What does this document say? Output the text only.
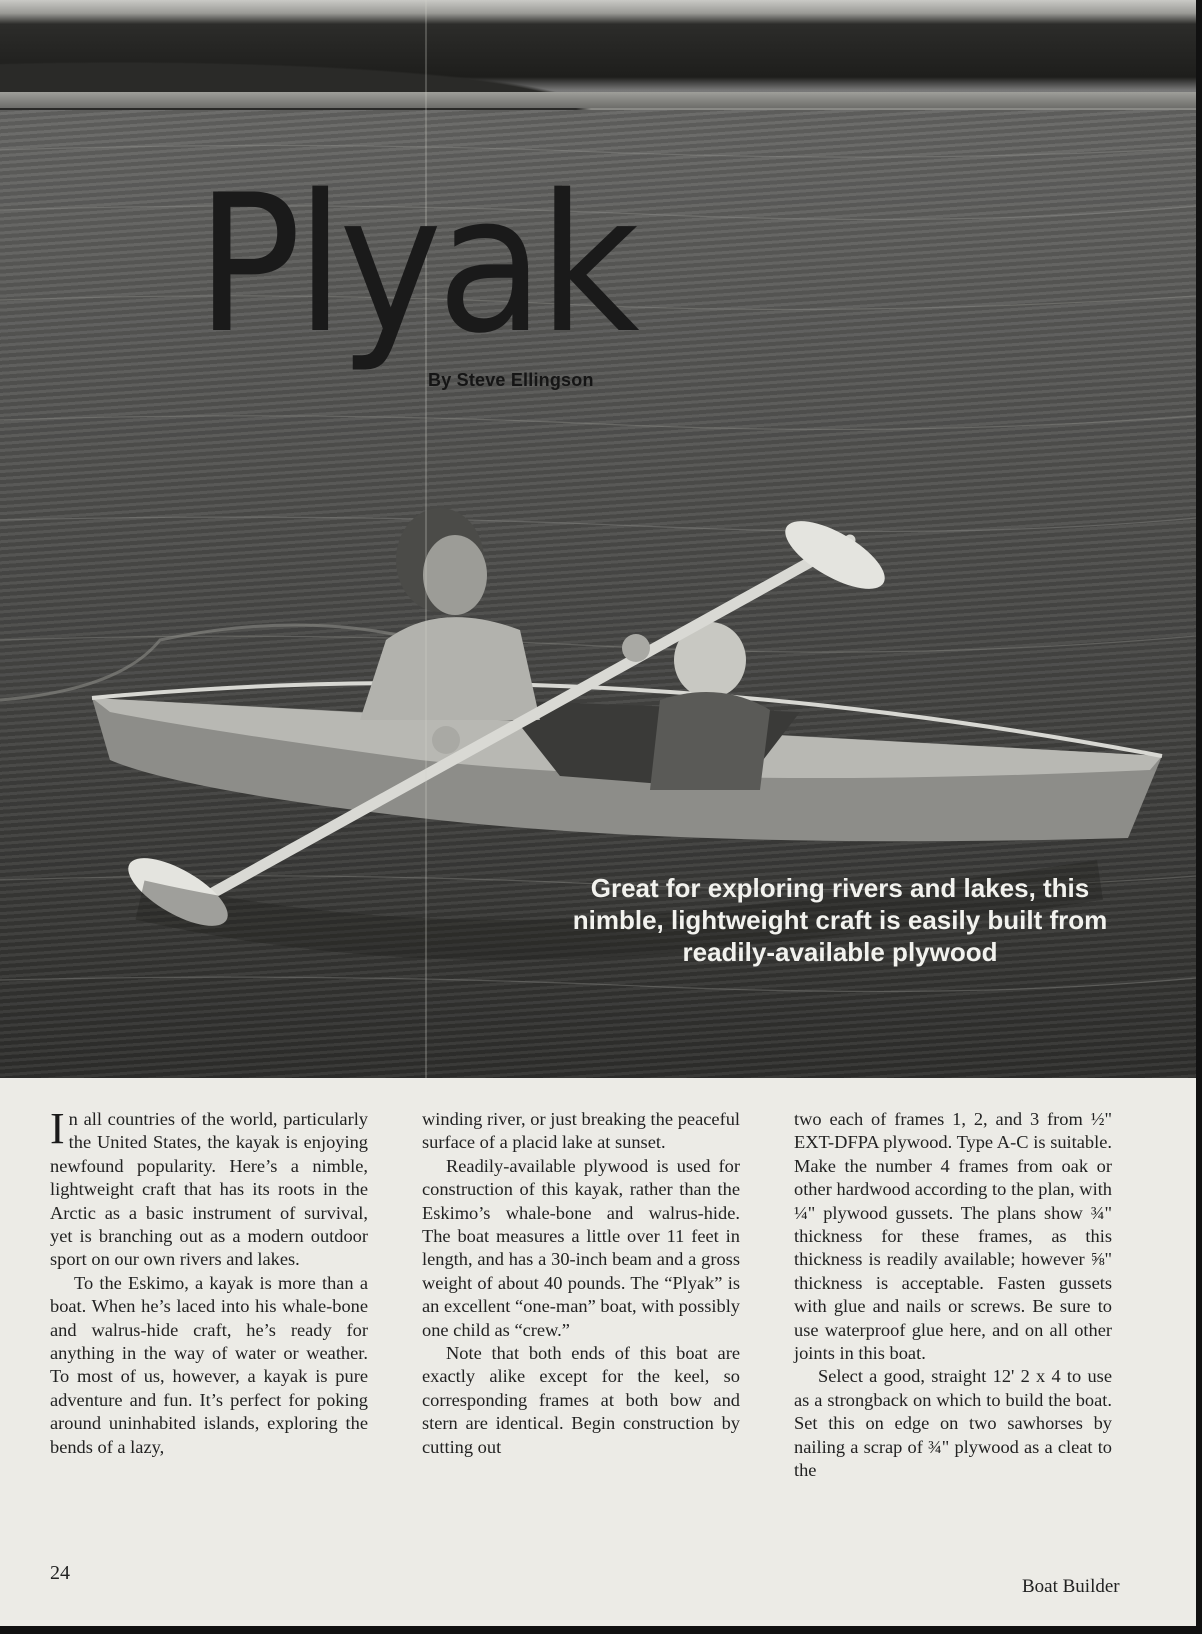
Plyak
By Steve Ellingson

Great for exploring rivers and lakes, this nimble, lightweight craft is easily built from readily-available plywood

In all countries of the world, particularly the United States, the kayak is enjoying newfound popularity. Here’s a nimble, lightweight craft that has its roots in the Arctic as a basic instrument of survival, yet is branching out as a modern outdoor sport on our own rivers and lakes.

To the Eskimo, a kayak is more than a boat. When he’s laced into his whale-bone and walrus-hide craft, he’s ready for anything in the way of water or weather. To most of us, however, a kayak is pure adventure and fun. It’s perfect for poking around uninhabited islands, exploring the bends of a lazy,

winding river, or just breaking the peaceful surface of a placid lake at sunset.

Readily-available plywood is used for construction of this kayak, rather than the Eskimo’s whale-bone and walrus-hide. The boat measures a little over 11 feet in length, and has a 30-inch beam and a gross weight of about 40 pounds. The “Plyak” is an excellent “one-man” boat, with possibly one child as “crew.”

Note that both ends of this boat are exactly alike except for the keel, so corresponding frames at both bow and stern are identical. Begin construction by cutting out

two each of frames 1, 2, and 3 from ½" EXT-DFPA plywood. Type A-C is suitable. Make the number 4 frames from oak or other hardwood according to the plan, with ¼" plywood gussets. The plans show ¾" thickness for these frames, as this thickness is readily available; however ⅝" thickness is acceptable. Fasten gussets with glue and nails or screws. Be sure to use waterproof glue here, and on all other joints in this boat.

Select a good, straight 12' 2 x 4 to use as a strongback on which to build the boat. Set this on edge on two sawhorses by nailing a scrap of ¾" plywood as a cleat to the

24
Boat Builder
